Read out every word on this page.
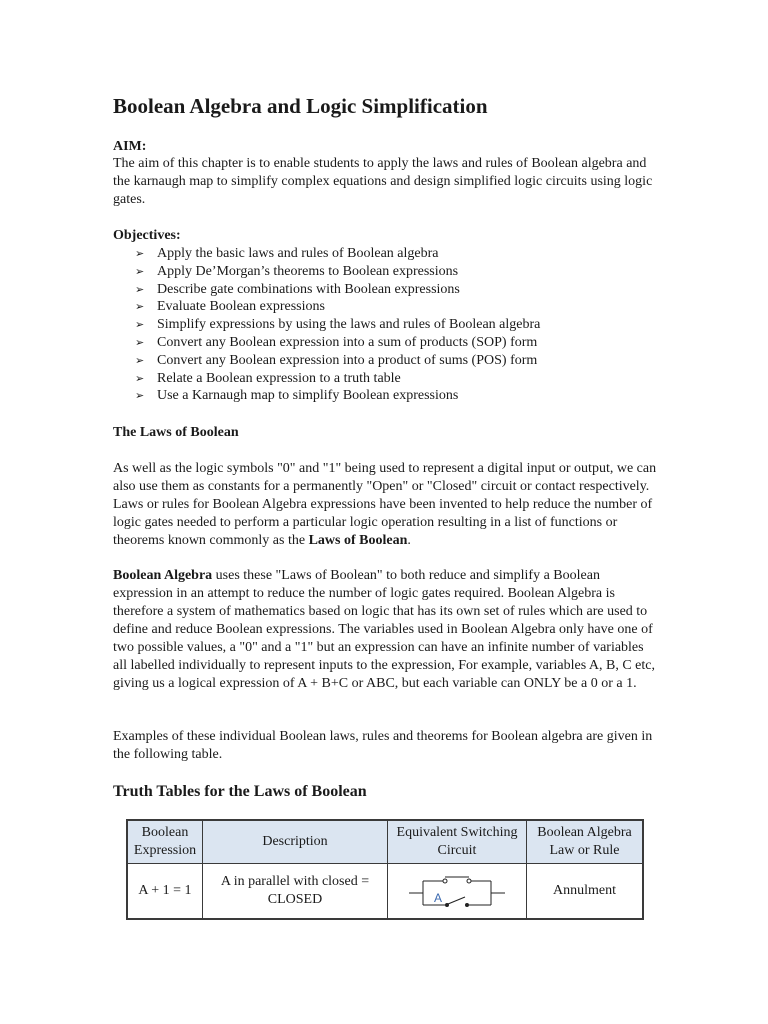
Boolean Algebra and Logic Simplification
AIM:

The aim of this chapter is to enable students to apply the laws and rules of Boolean algebra and the karnaugh map to simplify complex equations and design simplified logic circuits using logic gates.

Objectives:
➢ Apply the basic laws and rules of Boolean algebra
➢ Apply De’Morgan’s theorems to Boolean expressions
➢ Describe gate combinations with Boolean expressions
➢ Evaluate Boolean expressions
➢ Simplify expressions by using the laws and rules of Boolean algebra
➢ Convert any Boolean expression into a sum of products (SOP) form
➢ Convert any Boolean expression into a product of sums (POS) form
➢ Relate a Boolean expression to a truth table
➢ Use a Karnaugh map to simplify Boolean expressions
The Laws of Boolean

As well as the logic symbols "0" and "1" being used to represent a digital input or output, we can also use them as constants for a permanently "Open" or "Closed" circuit or contact respectively. Laws or rules for Boolean Algebra expressions have been invented to help reduce the number of logic gates needed to perform a particular logic operation resulting in a list of functions or theorems known commonly as the Laws of Boolean.

Boolean Algebra uses these "Laws of Boolean" to both reduce and simplify a Boolean expression in an attempt to reduce the number of logic gates required. Boolean Algebra is therefore a system of mathematics based on logic that has its own set of rules which are used to define and reduce Boolean expressions. The variables used in Boolean Algebra only have one of two possible values, a "0" and a "1" but an expression can have an infinite number of variables all labelled individually to represent inputs to the expression, For example, variables A, B, C etc, giving us a logical expression of A + B+C or ABC, but each variable can ONLY be a 0 or a 1.

Examples of these individual Boolean laws, rules and theorems for Boolean algebra are given in the following table.

Truth Tables for the Laws of Boolean
Boolean Expression	Description	Equivalent Switching Circuit	Boolean Algebra Law or Rule
A + 1 = 1	A in parallel with closed = CLOSED	A	Annulment
